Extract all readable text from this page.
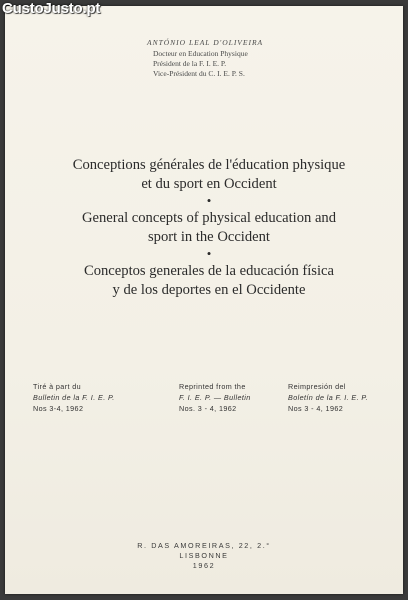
CustoJusto.pt

ANTÓNIO LEAL D'OLIVEIRA

Docteur en Education Physique

Président de la F. I. E. P.

Vice-Président du C. I. E. P. S.

Conceptions générales de l'éducation physique

et du sport en Occident

•

General concepts of physical education and

sport in the Occident

•

Conceptos generales de la educación física

y de los deportes en el Occidente

Tiré à part du

Bulletin de la F. I. E. P.

Nos 3-4, 1962

Reprinted from the

F. I. E. P. — Bulletin

Nos. 3 - 4, 1962

Reimpresión del

Boletín de la F. I. E. P.

Nos 3 - 4, 1962

R. DAS AMOREIRAS, 22, 2.°

LISBONNE

1962
